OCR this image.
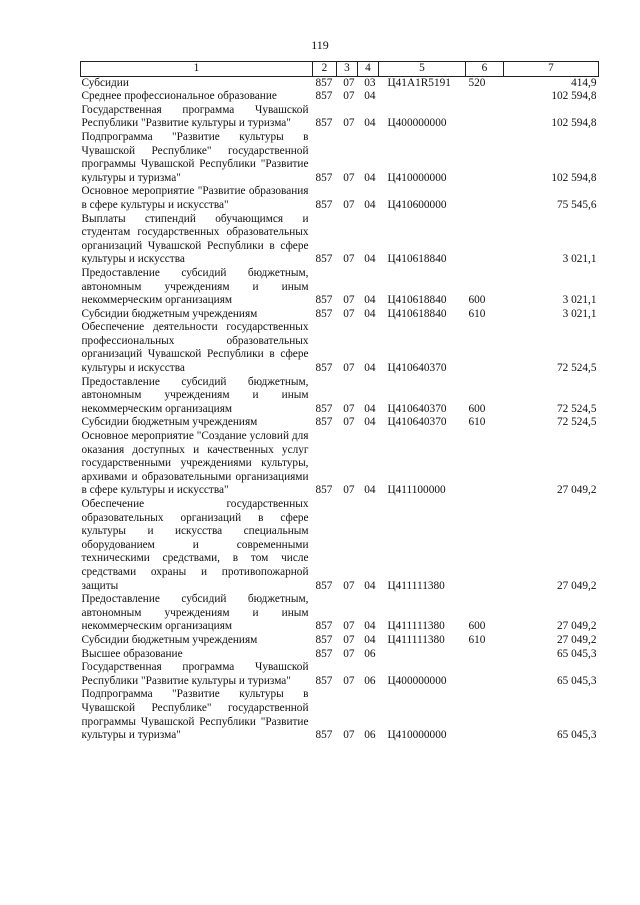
119
1	2	3	4	5	6	7
Субсидии	857	07	03	Ц41А1R5191	520	414,9
Среднее профессиональное образование	857	07	04			102 594,8
Государственная программа Чувашской Республики "Развитие культуры и туризма"	857	07	04	Ц400000000		102 594,8
Подпрограмма "Развитие культуры в Чувашской Республике" государственной программы Чувашской Республики "Развитие культуры и туризма"	857	07	04	Ц410000000		102 594,8
Основное мероприятие "Развитие образования в сфере культуры и искусства"	857	07	04	Ц410600000		75 545,6
Выплаты стипендий обучающимся и студентам государственных образовательных организаций Чувашской Республики в сфере культуры и искусства	857	07	04	Ц410618840		3 021,1
Предоставление субсидий бюджетным, автономным учреждениям и иным некоммерческим организациям	857	07	04	Ц410618840	600	3 021,1
Субсидии бюджетным учреждениям	857	07	04	Ц410618840	610	3 021,1
Обеспечение деятельности государственных профессиональных образовательных организаций Чувашской Республики в сфере культуры и искусства	857	07	04	Ц410640370		72 524,5
Предоставление субсидий бюджетным, автономным учреждениям и иным некоммерческим организациям	857	07	04	Ц410640370	600	72 524,5
Субсидии бюджетным учреждениям	857	07	04	Ц410640370	610	72 524,5
Основное мероприятие "Создание условий для оказания доступных и качественных услуг государственными учреждениями культуры, архивами и образовательными организациями в сфере культуры и искусства"	857	07	04	Ц411100000		27 049,2
Обеспечение государственных образовательных организаций в сфере культуры и искусства специальным оборудованием и современными техническими средствами, в том числе средствами охраны и противопожарной защиты	857	07	04	Ц411111380		27 049,2
Предоставление субсидий бюджетным, автономным учреждениям и иным некоммерческим организациям	857	07	04	Ц411111380	600	27 049,2
Субсидии бюджетным учреждениям	857	07	04	Ц411111380	610	27 049,2
Высшее образование	857	07	06			65 045,3
Государственная программа Чувашской Республики "Развитие культуры и туризма"	857	07	06	Ц400000000		65 045,3
Подпрограмма "Развитие культуры в Чувашской Республике" государственной программы Чувашской Республики "Развитие культуры и туризма"	857	07	06	Ц410000000		65 045,3
